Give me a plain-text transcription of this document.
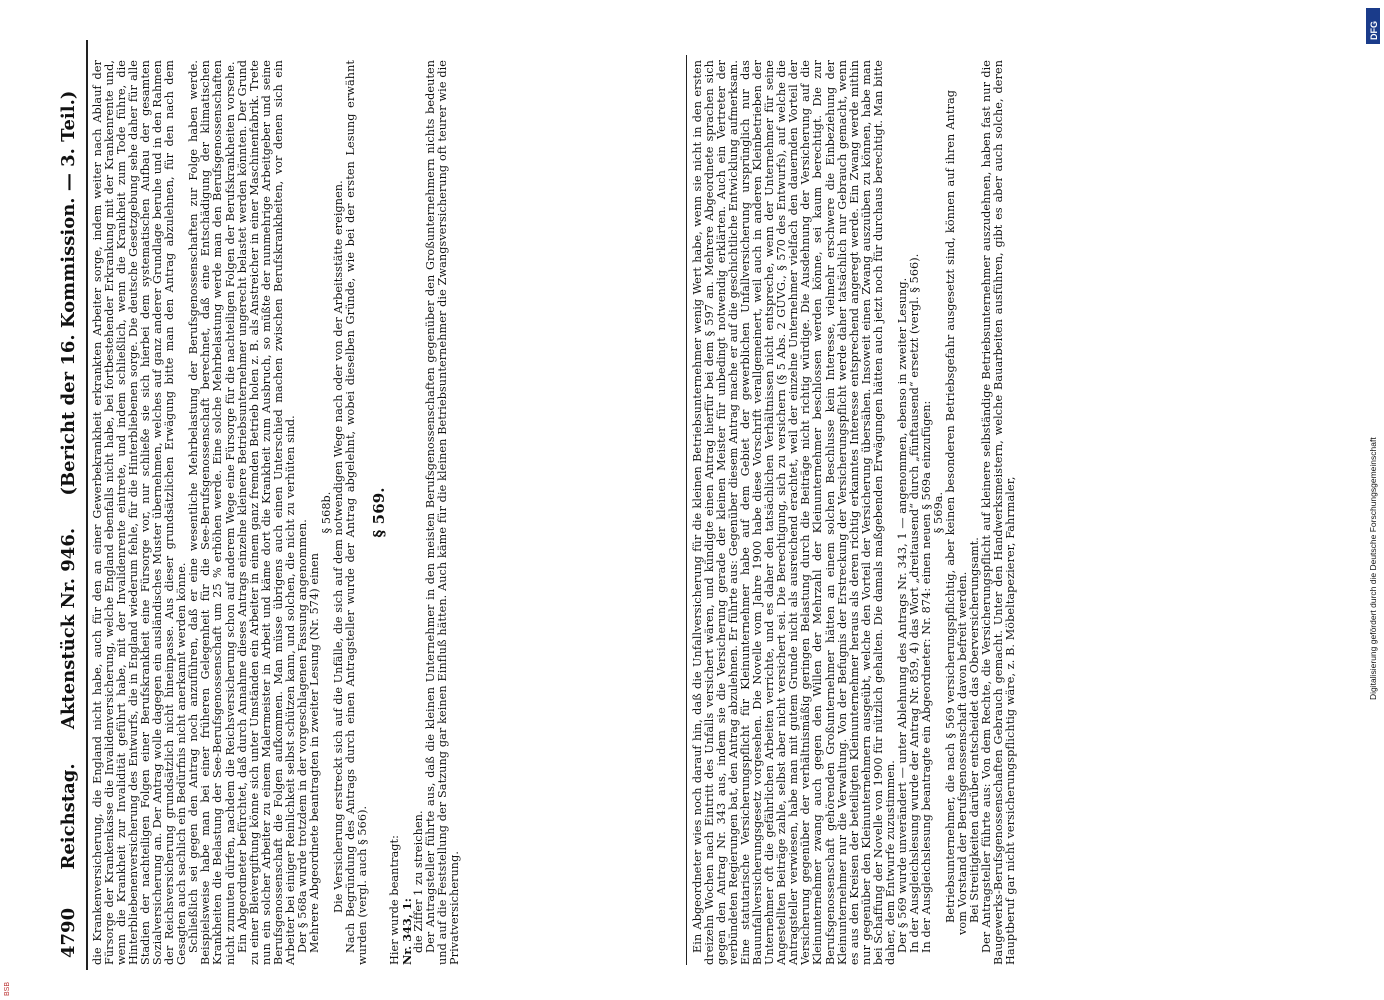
4790 Reichstag. Aktenstück Nr. 946. (Bericht der 16. Kommission. — 3. Teil.)	die Krankenversicherung, die England nicht habe, auch für den an einer Gewerbekrankheit erkrankten Arbeiter sorge, indem weiter nach Ablauf der Fürsorge der Krankenkasse die Invalidenversicherung, welche England ebenfalls nicht habe, bei fortbestehender Erkrankung mit der Krankenrente und, wenn die Krankheit zur Invalidität geführt habe, mit der Invalidenrente eintrete, und indem schließlich, wenn die Krankheit zum Tode führe, die Hinterbliebenenversicherung des Entwurfs, die in England wiederum fehle, für die Hinterbliebenen sorge. Die deutsche Gesetzgebung sehe daher für alle Stadien der nachteiligen Folgen einer Berufskrankheit eine Fürsorge vor, nur schließe sie sich hierbei dem systematischen Aufbau der gesamten Sozialversicherung an. Der Antrag wolle dagegen ein ausländisches Muster übernehmen, welches auf ganz anderer Grundlage beruhe und in den Rahmen der Reichsversicherung grundsätzlich nicht hineinpasse. Aus dieser grundsätzlichen Erwägung bitte man den Antrag abzulehnen, für den nach dem Gesagten auch sachlich ein Bedürfnis nicht anerkannt werden könne. Schließlich sei gegen den Antrag noch anzuführen, daß er eine wesentliche Mehrbelastung der Berufsgenossenschaften zur Folge haben werde. Beispielsweise habe man bei einer früheren Gelegenheit für die See-Berufsgenossenschaft berechnet, daß eine Entschädigung der klimatischen Krankheiten die Belastung der See-Berufsgenossenschaft um 25 % erhöhen werde. Eine solche Mehrbelastung werde man den Berufsgenossenschaften nicht zumuten dürfen, nachdem die Reichsversicherung schon auf anderem Wege eine Fürsorge für die nachteiligen Folgen der Berufskrankheiten vorsehe. Ein Abgeordneter befürchtet, daß durch Annahme dieses Antrags einzelne kleinere Betriebsunternehmer ungerecht belastet werden könnten. Der Grund zu einer Bleivergiftung könne sich unter Umständen ein Arbeiter in einem ganz fremden Betrieb holen z. B. als Anstreicher in einer Maschinenfabrik. Trete nun ein solcher Arbeiter zu einem Malermeister in Arbeit und käme dort die Krankheit zum Ausbruch, so müßte der nunmehrige Arbeitgeber und seine Berufsgenossenschaft die Folgen aufkommen. Man müsse übrigens auch einen Unterschied machen zwischen Berufskrankheiten, vor denen sich ein Arbeiter bei einiger Reinlichkeit selbst schützen kann, und solchen, die nicht zu verhüten sind. Der § 568a wurde trotzdem in der vorgeschlagenen Fassung angenommen. Mehrere Abgeordnete beantragten in zweiter Lesung (Nr. 574) einen

§ 568b. Die Versicherung erstreckt sich auf die Unfälle, die sich auf dem notwendigen Wege nach oder von der Arbeitsstätte ereignen. Nach Begründung des Antrags durch einen Antragsteller wurde der Antrag abgelehnt, wobei dieselben Gründe, wie bei der ersten Lesung erwähnt wurden (vergl. auch § 566).

§ 569.

Hier wurde beantragt: Nr. 343, 1:

die Ziffer 1 zu streichen. Der Antragsteller führte aus, daß die kleinen Unternehmer in den meisten Berufsgenossenschaften gegenüber den Großunternehmern nichts bedeuten und auf die Feststellung der Satzung gar keinen Einfluß hätten. Auch käme für die kleinen Betriebsunternehmer die Zwangsversicherung oft teurer wie die Privatversicherung.	Ein Abgeordneter wies noch darauf hin, daß die Unfallversicherung für die kleinen Betriebsunternehmer wenig Wert habe, wenn sie nicht in den ersten dreizehn Wochen nach Eintritt des Unfalls versichert wären, und kündigte einen Antrag hierfür bei dem § 597 an. Mehrere Abgeordnete sprachen sich gegen den Antrag Nr. 343 aus, indem sie die Versicherung gerade der kleinen Meister für unbedingt notwendig erklärten. Auch ein Vertreter der verbündeten Regierungen bat, den Antrag abzulehnen. Er führte aus: Gegenüber diesem Antrag mache er auf die geschichtliche Entwicklung aufmerksam. Eine statutarische Versicherungspflicht für Kleinunternehmer habe auf dem Gebiet der gewerblichen Unfallversicherung ursprünglich nur das Bauunfallversicherungsgesetz vorgesehen. Die Novelle vom Jahre 1900 habe diese Vorschrift verallgemeinert, weil auch in anderen Kleinbetrieben der Unternehmer oft die gefährlichen Arbeiten verrichte, und es daher den tatsächlichen Verhältnissen nicht entspreche, wenn der Unternehmer für seine Angestellten Beiträge zahle, selbst aber nicht versichert sei. Die Berechtigung, sich zu versichern (§ 5 Abs. 2 GUVG., § 570 des Entwurfs), auf welche die Antragsteller verwiesen, habe man mit gutem Grunde nicht als ausreichend erachtet, weil der einzelne Unternehmer vielfach den dauernden Vorteil der Versicherung gegenüber der verhältnismäßig geringen Belastung durch die Beiträge nicht richtig würdige. Die Ausdehnung der Versicherung auf die Kleinunternehmer zwang auch gegen den Willen der Mehrzahl der Kleinunternehmer beschlossen werden könne, sei kaum berechtigt. Die zur Berufsgenossenschaft gehörenden Großunternehmer hätten an einem solchen Beschlusse kein Interesse, vielmehr erschwere die Einbeziehung der Kleinunternehmer nur die Verwaltung. Von der Befugnis der Erstreckung der Versicherungspflicht werde daher tatsächlich nur Gebrauch gemacht, wenn es aus den Kreisen der beteiligten Kleinunternehmer heraus als deren richtig erkanntes Interesse entsprechend angeregt werde. Ein Zwang werde mithin nur gegenüber den Kleinunternehmern ausgeübt, welche den Vorteil der Versicherung übersähen. Insoweit einen Zwang auszuüben zu können, habe man bei Schaffung der Novelle von 1900 für nützlich gehalten. Die damals maßgebenden Erwägungen hätten auch jetzt noch für durchaus berechtigt. Man bitte daher, dem Entwurfe zuzustimmen. Der § 569 wurde unverändert — unter Ablehnung des Antrags Nr. 343, 1 — angenommen, ebenso in zweiter Lesung. In der Ausgleichslesung wurde der Antrag Nr. 859, 4) das Wort „dreitausend“ durch „fünftausend“ ersetzt (vergl. § 566). In der Ausgleichslesung beantragte ein Abgeordneter: Nr. 874: einen neuen § 569a einzufügen: § 569a. Betriebsunternehmer, die nach § 569 versicherungspflichtig, aber keinen besonderen Betriebsgefahr ausgesetzt sind, können auf ihren Antrag vom Vorstand der Berufsgenossenschaft davon befreit werden. Bei Streitigkeiten darüber entscheidet das Oberversicherungsamt. Der Antragsteller führte aus: Von dem Rechte, die Versicherungspflicht auf kleinere selbständige Betriebsunternehmer auszudehnen, haben fast nur die Baugewerks-Berufsgenossenschaften Gebrauch gemacht. Unter den Handwerksmeistern, welche Bauarbeiten ausführen, gibt es aber auch solche, deren Hauptberuf gar nicht versicherungspflichtig wäre, z. B. Möbeltapezierer, Fahrmaler,	Digitalisierung gefördert durch die Deutsche Forschungsgemeinschaft
DFG
BSB
